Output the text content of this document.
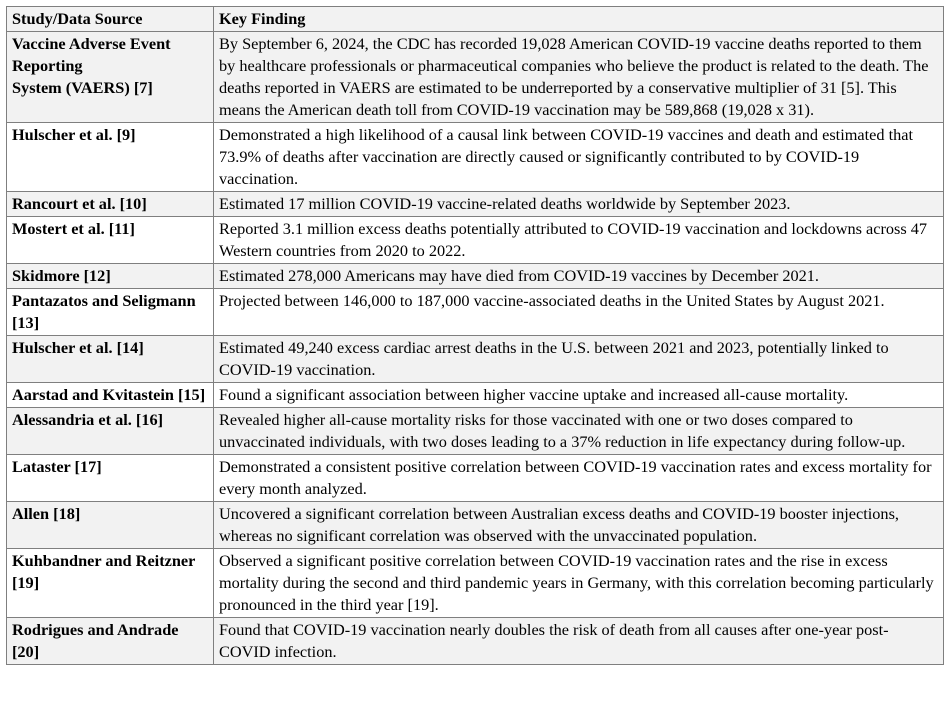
Study/Data Source	Key Finding
Vaccine Adverse Event Reporting
System (VAERS) [7]	By September 6, 2024, the CDC has recorded 19,028 American COVID-19 vaccine deaths reported to them by healthcare professionals or pharmaceutical companies who believe the product is related to the death. The deaths reported in VAERS are estimated to be underreported by a conservative multiplier of 31 [5]. This means the American death toll from COVID-19 vaccination may be 589,868 (19,028 x 31).
Hulscher et al. [9]	Demonstrated a high likelihood of a causal link between COVID-19 vaccines and death and estimated that 73.9% of deaths after vaccination are directly caused or significantly contributed to by COVID-19 vaccination.
Rancourt et al. [10]	Estimated 17 million COVID-19 vaccine-related deaths worldwide by September 2023.
Mostert et al. [11]	Reported 3.1 million excess deaths potentially attributed to COVID-19 vaccination and lockdowns across 47 Western countries from 2020 to 2022.
Skidmore [12]	Estimated 278,000 Americans may have died from COVID-19 vaccines by December 2021.
Pantazatos and Seligmann [13]	Projected between 146,000 to 187,000 vaccine-associated deaths in the United States by August 2021.
Hulscher et al. [14]	Estimated 49,240 excess cardiac arrest deaths in the U.S. between 2021 and 2023, potentially linked to COVID-19 vaccination.
Aarstad and Kvitastein [15]	Found a significant association between higher vaccine uptake and increased all-cause mortality.
Alessandria et al. [16]	Revealed higher all-cause mortality risks for those vaccinated with one or two doses compared to unvaccinated individuals, with two doses leading to a 37% reduction in life expectancy during follow-up.
Lataster [17]	Demonstrated a consistent positive correlation between COVID-19 vaccination rates and excess mortality for every month analyzed.
Allen [18]	Uncovered a significant correlation between Australian excess deaths and COVID-19 booster injections, whereas no significant correlation was observed with the unvaccinated population.
Kuhbandner and Reitzner [19]	Observed a significant positive correlation between COVID-19 vaccination rates and the rise in excess mortality during the second and third pandemic years in Germany, with this correlation becoming particularly pronounced in the third year [19].
Rodrigues and Andrade [20]	Found that COVID-19 vaccination nearly doubles the risk of death from all causes after one-year post-COVID infection.
